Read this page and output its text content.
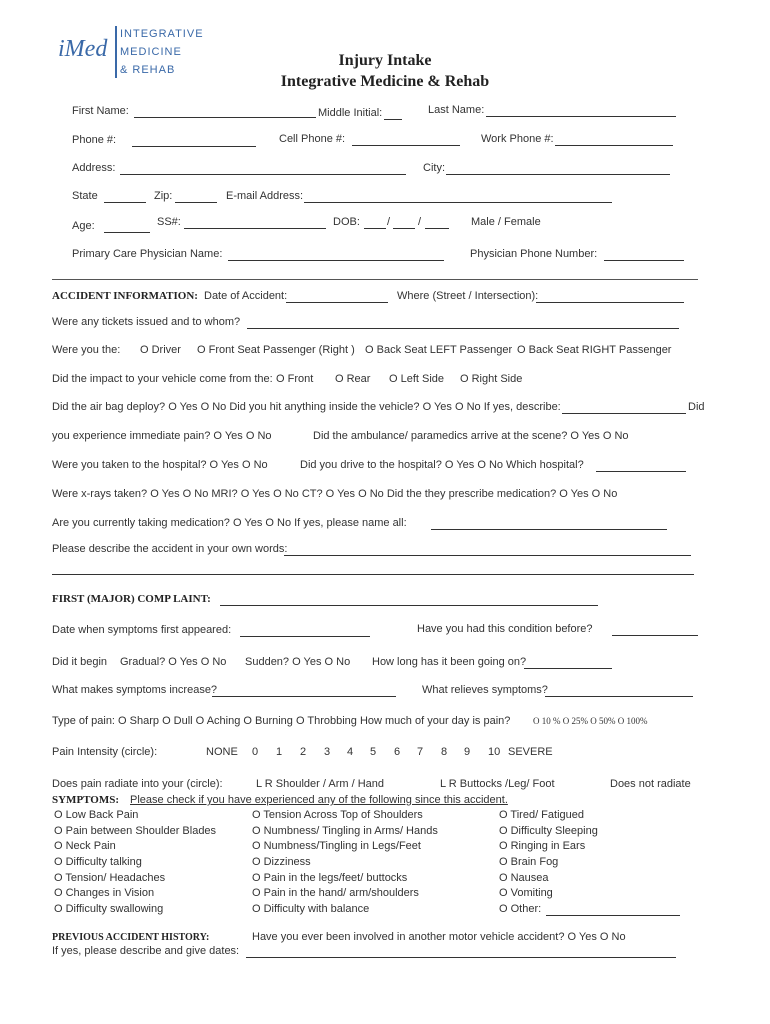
iMed
INTEGRATIVE
MEDICINE
& REHAB
Injury Intake
Integrative Medicine & Rehab
First Name:	Middle Initial:	Last Name:
Phone #:	Cell Phone #:	Work Phone #:
Address:	City:
State	Zip:	E-mail Address:
Age:	SS#:	DOB: /	/	Male / Female
Primary Care Physician Name:	Physician Phone Number:
ACCIDENT INFORMATION: Date of Accident:	Where (Street / Intersection):
Were any tickets issued and to whom?
Were you the: O Driver O Front Seat Passenger (Right ) O Back Seat LEFT Passenger O Back Seat RIGHT Passenger
Did the impact to your vehicle come from the: O Front O Rear O Left Side O Right Side
Did the air bag deploy? O Yes O No Did you hit anything inside the vehicle? O Yes O No If yes, describe:	Did
you experience immediate pain? O Yes O No	Did the ambulance/ paramedics arrive at the scene? O Yes O No
Were you taken to the hospital? O Yes O No	Did you drive to the hospital? O Yes O No Which hospital?
Were x-rays taken? O Yes O No MRI? O Yes O No CT? O Yes O No Did the they prescribe medication? O Yes O No
Are you currently taking medication? O Yes O No If yes, please name all:
Please describe the accident in your own words:
FIRST (MAJOR) COMP LAINT:
Date when symptoms first appeared:	Have you had this condition before?
Did it begin Gradual? O Yes O No Sudden? O Yes O No How long has it been going on?
What makes symptoms increase?	What relieves symptoms?
Type of pain: O Sharp O Dull O Aching O Burning O Throbbing How much of your day is pain?	O 10 % O 25% O 50% O 100%
Pain Intensity (circle):	NONE 0 1 2 3 4 5 6 7 8 9 10 SEVERE
Does pain radiate into your (circle):	L R Shoulder / Arm / Hand	L R Buttocks /Leg/ Foot	Does not radiate
SYMPTOMS: Please check if you have experienced any of the following since this accident.
O Low Back Pain
O Pain between Shoulder Blades
O Neck Pain
O Difficulty talking
O Tension/ Headaches
O Changes in Vision
O Difficulty swallowing
O Tension Across Top of Shoulders
O Numbness/ Tingling in Arms/ Hands
O Numbness/Tingling in Legs/Feet
O Dizziness
O Pain in the legs/feet/ buttocks
O Pain in the hand/ arm/shoulders
O Difficulty with balance
O Tired/ Fatigued
O Difficulty Sleeping
O Ringing in Ears
O Brain Fog
O Nausea
O Vomiting
O Other:
PREVIOUS ACCIDENT HISTORY:	Have you ever been involved in another motor vehicle accident? O Yes O No
If yes, please describe and give dates:
